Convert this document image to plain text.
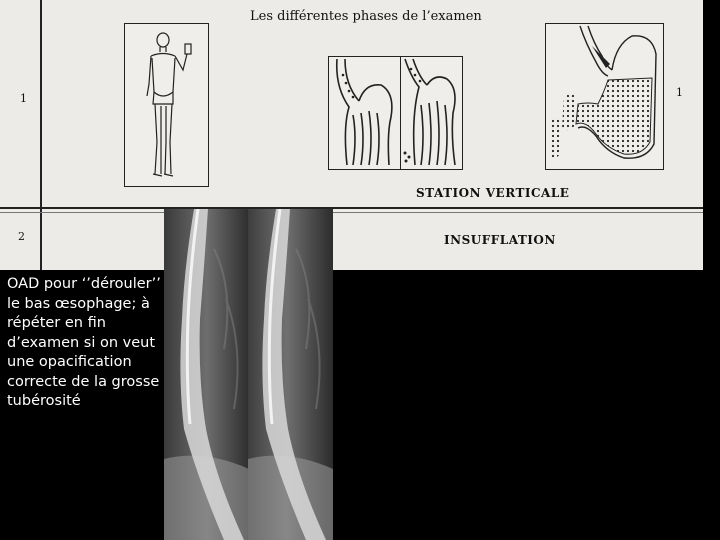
Les différentes phases de l’examen
1	1
2
STATION VERTICALE
INSUFFLATION
OAD pour ‘’dérouler’’ le bas œsophage; à répéter en fin d’examen si on veut une opacification correcte de la grosse tubérosité
